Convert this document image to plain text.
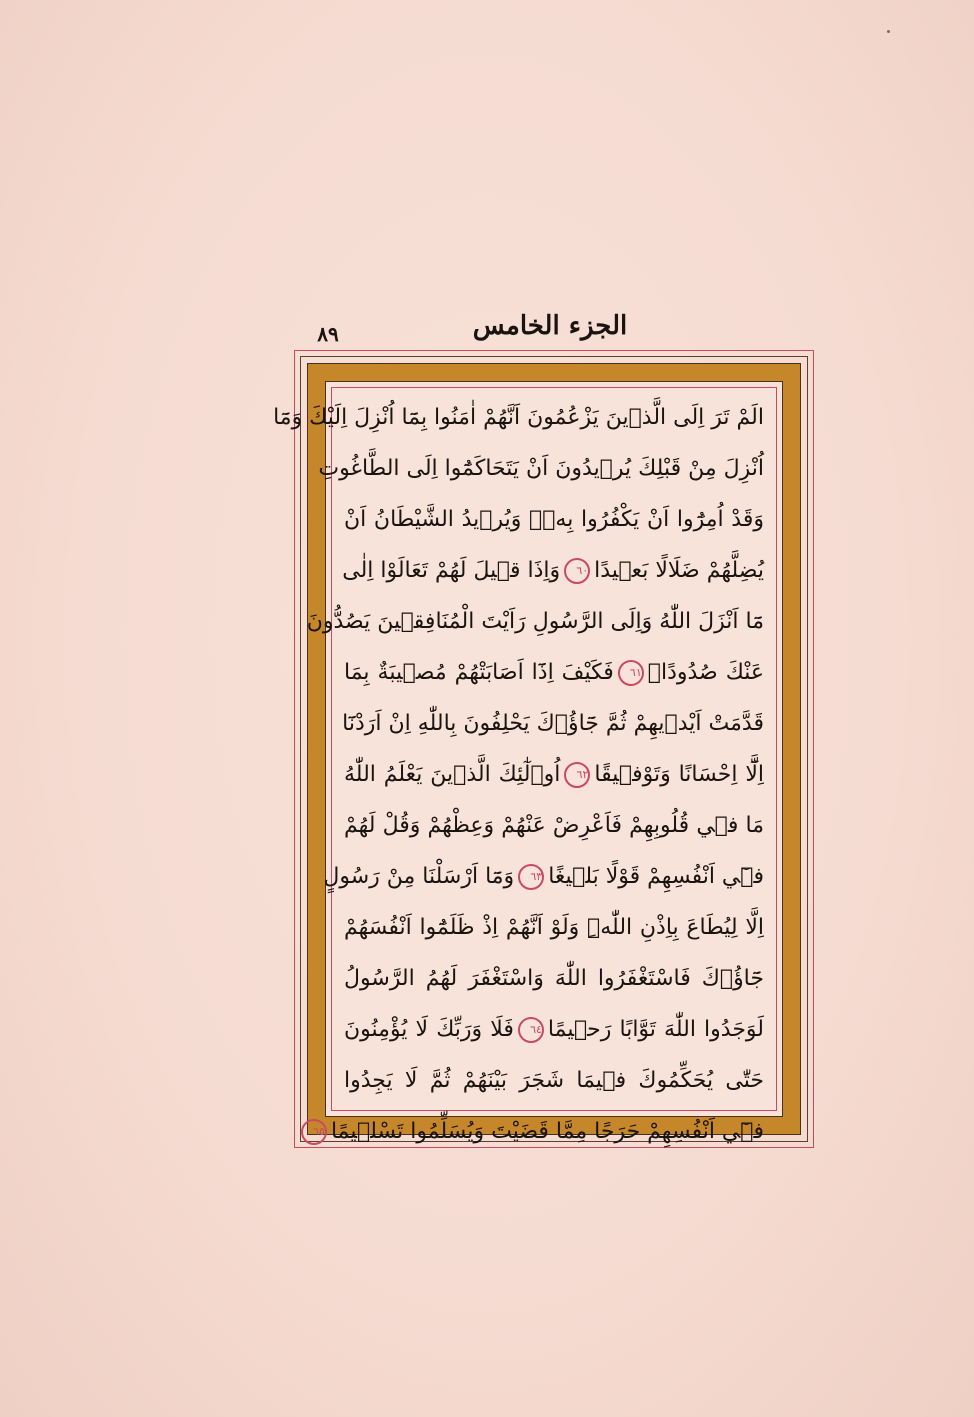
الجزء الخامس
٨٩
الَمْ تَرَ اِلَى الَّذ۪ينَ يَزْعُمُونَ اَنَّهُمْ اٰمَنُوا بِمَٓا اُنْزِلَ اِلَيْكَ وَمَٓا
اُنْزِلَ مِنْ قَبْلِكَ يُر۪يدُونَ اَنْ يَتَحَاكَمُٓوا اِلَى الطَّاغُوتِ
وَقَدْ اُمِرُٓوا اَنْ يَكْفُرُوا بِه۪ۜ وَيُر۪يدُ الشَّيْطَانُ اَنْ
يُضِلَّهُمْ ضَلَالًا بَع۪يدًا٦٠وَاِذَا ق۪يلَ لَهُمْ تَعَالَوْا اِلٰى
مَٓا اَنْزَلَ اللّٰهُ وَاِلَى الرَّسُولِ رَاَيْتَ الْمُنَافِق۪ينَ يَصُدُّونَ
عَنْكَ صُدُودًاۚ٦١فَكَيْفَ اِذَٓا اَصَابَتْهُمْ مُص۪يبَةٌ بِمَا
قَدَّمَتْ اَيْد۪يهِمْ ثُمَّ جَٓاؤُ۫كَ يَحْلِفُونَ بِاللّٰهِ اِنْ اَرَدْنَٓا
اِلَّٓا اِحْسَانًا وَتَوْف۪يقًا٦٢اُو۬لٰٓئِكَ الَّذ۪ينَ يَعْلَمُ اللّٰهُ
مَا ف۪ي قُلُوبِهِمْ فَاَعْرِضْ عَنْهُمْ وَعِظْهُمْ وَقُلْ لَهُمْ
ف۪ٓي اَنْفُسِهِمْ قَوْلًا بَل۪يغًا٦٣وَمَٓا اَرْسَلْنَا مِنْ رَسُولٍ
اِلَّا لِيُطَاعَ بِاِذْنِ اللّٰهِۜ وَلَوْ اَنَّهُمْ اِذْ ظَلَمُٓوا اَنْفُسَهُمْ
جَٓاؤُ۫كَ فَاسْتَغْفَرُوا اللّٰهَ وَاسْتَغْفَرَ لَهُمُ الرَّسُولُ
لَوَجَدُوا اللّٰهَ تَوَّابًا رَح۪يمًا٦٤فَلَا وَرَبِّكَ لَا يُؤْمِنُونَ
حَتّٰى يُحَكِّمُوكَ ف۪يمَا شَجَرَ بَيْنَهُمْ ثُمَّ لَا يَجِدُوا
ف۪ٓي اَنْفُسِهِمْ حَرَجًا مِمَّا قَضَيْتَ وَيُسَلِّمُوا تَسْل۪يمًا٦٥
